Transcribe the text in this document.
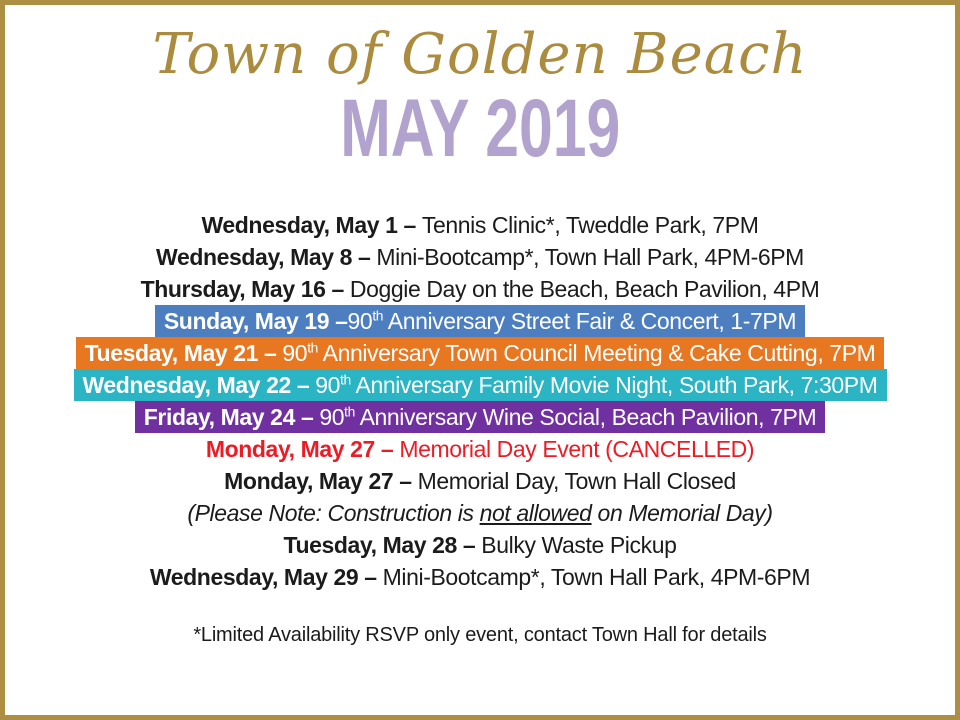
Town of Golden Beach
MAY 2019
Wednesday, May 1 – Tennis Clinic*, Tweddle Park, 7PM
Wednesday, May 8 – Mini-Bootcamp*, Town Hall Park, 4PM-6PM
Thursday, May 16 – Doggie Day on the Beach, Beach Pavilion, 4PM
Sunday, May 19 –90th Anniversary Street Fair & Concert, 1-7PM
Tuesday, May 21 – 90th Anniversary Town Council Meeting & Cake Cutting, 7PM
Wednesday, May 22 – 90th Anniversary Family Movie Night, South Park, 7:30PM
Friday, May 24 – 90th Anniversary Wine Social, Beach Pavilion, 7PM
Monday, May 27 – Memorial Day Event (CANCELLED)
Monday, May 27 – Memorial Day, Town Hall Closed
(Please Note: Construction is not allowed on Memorial Day)
Tuesday, May 28 – Bulky Waste Pickup
Wednesday, May 29 – Mini-Bootcamp*, Town Hall Park, 4PM-6PM
*Limited Availability RSVP only event, contact Town Hall for details
